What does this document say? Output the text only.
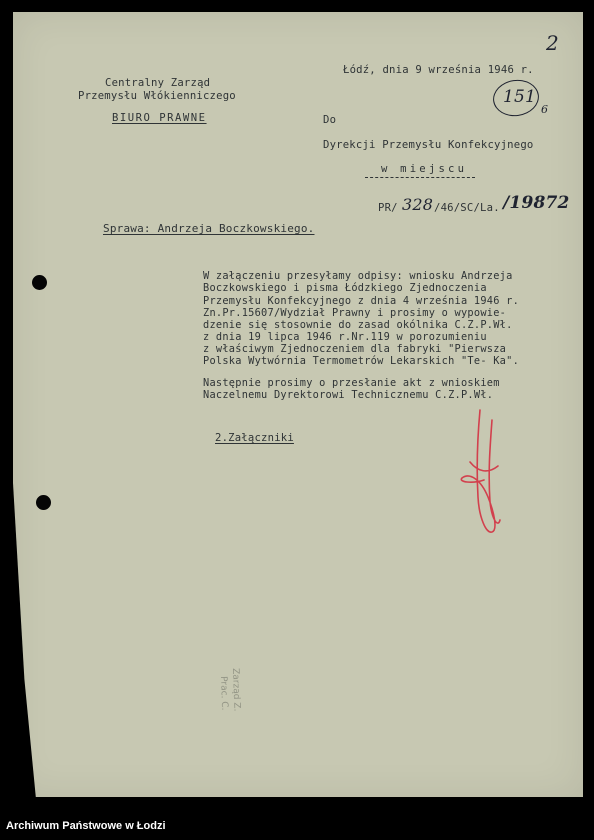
2
Łódź, dnia 9 września 1946 r.
Centralny Zarząd
Przemysłu Włókienniczego	151
6
BIURO PRAWNE	Do
Dyrekcji Przemysłu Konfekcyjnego
w miejscu
PR/ 328 /46/SC/La. /19872
Sprawa: Andrzeja Boczkowskiego.
W załączeniu przesyłamy odpisy: wniosku Andrzeja
Boczkowskiego i pisma Łódzkiego Zjednoczenia
Przemysłu Konfekcyjnego z dnia 4 września 1946 r.
Zn.Pr.15607/Wydział Prawny i prosimy o wypowie-
dzenie się stosownie do zasad okólnika C.Z.P.Wł.
z dnia 19 lipca 1946 r.Nr.119 w porozumieniu
z właściwym Zjednoczeniem dla fabryki "Pierwsza
Polska Wytwórnia Termometrów Lekarskich "Te- Ka".
Następnie prosimy o przesłanie akt z wnioskiem
Naczelnemu Dyrektorowi Technicznemu C.Z.P.Wł.
2.Załączniki
Zarząd Z.
Prac. C.
Archiwum Państwowe w Łodzi
